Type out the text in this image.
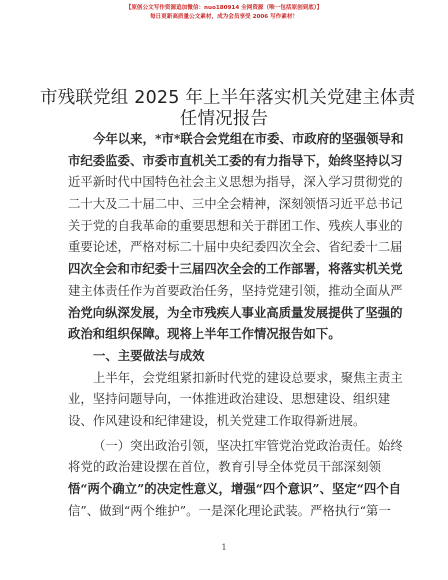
【原创公文写作资源追加微信：nuo180914 全网资源（唯一包括原创到底）】
每日更新高质量公文素材，成为会员享受 2006 写作素材！
市残联党组 2025 年上半年落实机关党建主体责
任情况报告
今年以来，*市*联合会党组在市委、市政府的坚强领导和
市纪委监委、市委市直机关工委的有力指导下，始终坚持以习
近平新时代中国特色社会主义思想为指导，深入学习贯彻党的
二十大及二十届二中、三中全会精神，深刻领悟习近平总书记
关于党的自我革命的重要思想和关于群团工作、残疾人事业的
重要论述，严格对标二十届中央纪委四次全会、省纪委十二届
四次全会和市纪委十三届四次全会的工作部署，将落实机关党
建主体责任作为首要政治任务，坚持党建引领，推动全面从严
治党向纵深发展，为全市残疾人事业高质量发展提供了坚强的
政治和组织保障。现将上半年工作情况报告如下。
一、主要做法与成效
上半年，会党组紧扣新时代党的建设总要求，聚焦主责主
业，坚持问题导向，一体推进政治建设、思想建设、组织建
设、作风建设和纪律建设，机关党建工作取得新进展。
（一）突出政治引领，坚决扛牢管党治党政治责任。始终
将党的政治建设摆在首位，教育引导全体党员干部深刻领
悟“两个确立”的决定性意义，增强“四个意识”、坚定“四个自
信”、做到“两个维护”。一是深化理论武装。严格执行“第一
1
